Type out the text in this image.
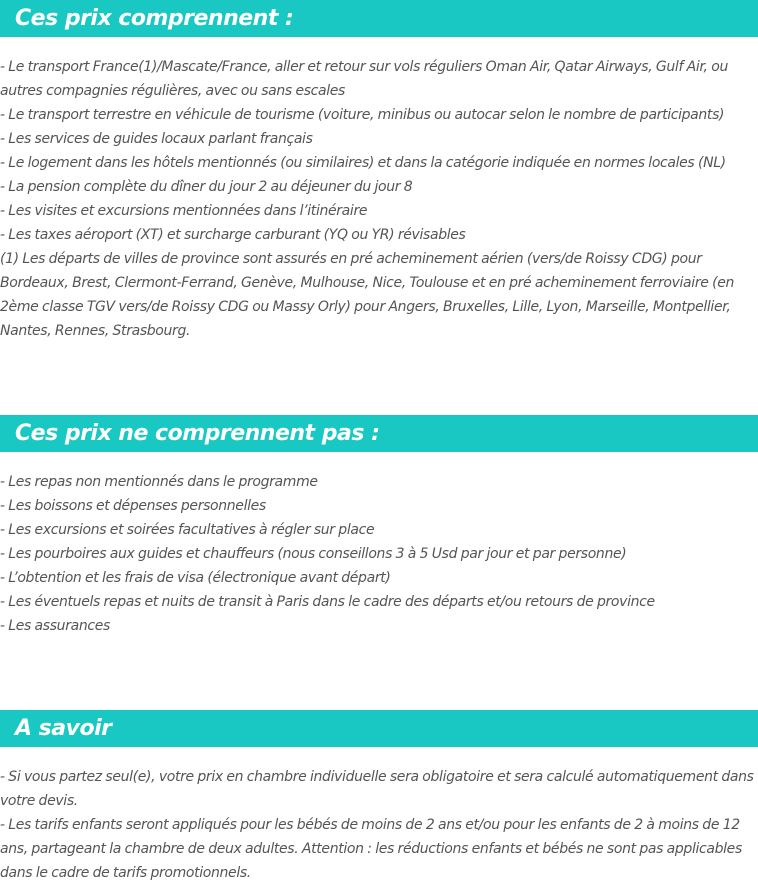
Ces prix comprennent :
- Le transport France(1)/Mascate/France, aller et retour sur vols réguliers Oman Air, Qatar Airways, Gulf Air, ou autres compagnies régulières, avec ou sans escales
- Le transport terrestre en véhicule de tourisme (voiture, minibus ou autocar selon le nombre de participants)
- Les services de guides locaux parlant français
- Le logement dans les hôtels mentionnés (ou similaires) et dans la catégorie indiquée en normes locales (NL)
- La pension complète du dîner du jour 2 au déjeuner du jour 8
- Les visites et excursions mentionnées dans l’itinéraire
- Les taxes aéroport (XT) et surcharge carburant (YQ ou YR) révisables
(1) Les départs de villes de province sont assurés en pré acheminement aérien (vers/de Roissy CDG) pour Bordeaux, Brest, Clermont-Ferrand, Genève, Mulhouse, Nice, Toulouse et en pré acheminement ferroviaire (en 2ème classe TGV vers/de Roissy CDG ou Massy Orly) pour Angers, Bruxelles, Lille, Lyon, Marseille, Montpellier, Nantes, Rennes, Strasbourg.
Ces prix ne comprennent pas :
- Les repas non mentionnés dans le programme
- Les boissons et dépenses personnelles
- Les excursions et soirées facultatives à régler sur place
- Les pourboires aux guides et chauffeurs (nous conseillons 3 à 5 Usd par jour et par personne)
- L’obtention et les frais de visa (électronique avant départ)
- Les éventuels repas et nuits de transit à Paris dans le cadre des départs et/ou retours de province
- Les assurances
A savoir
- Si vous partez seul(e), votre prix en chambre individuelle sera obligatoire et sera calculé automatiquement dans votre devis.
- Les tarifs enfants seront appliqués pour les bébés de moins de 2 ans et/ou pour les enfants de 2 à moins de 12 ans, partageant la chambre de deux adultes. Attention : les réductions enfants et bébés ne sont pas applicables dans le cadre de tarifs promotionnels.
